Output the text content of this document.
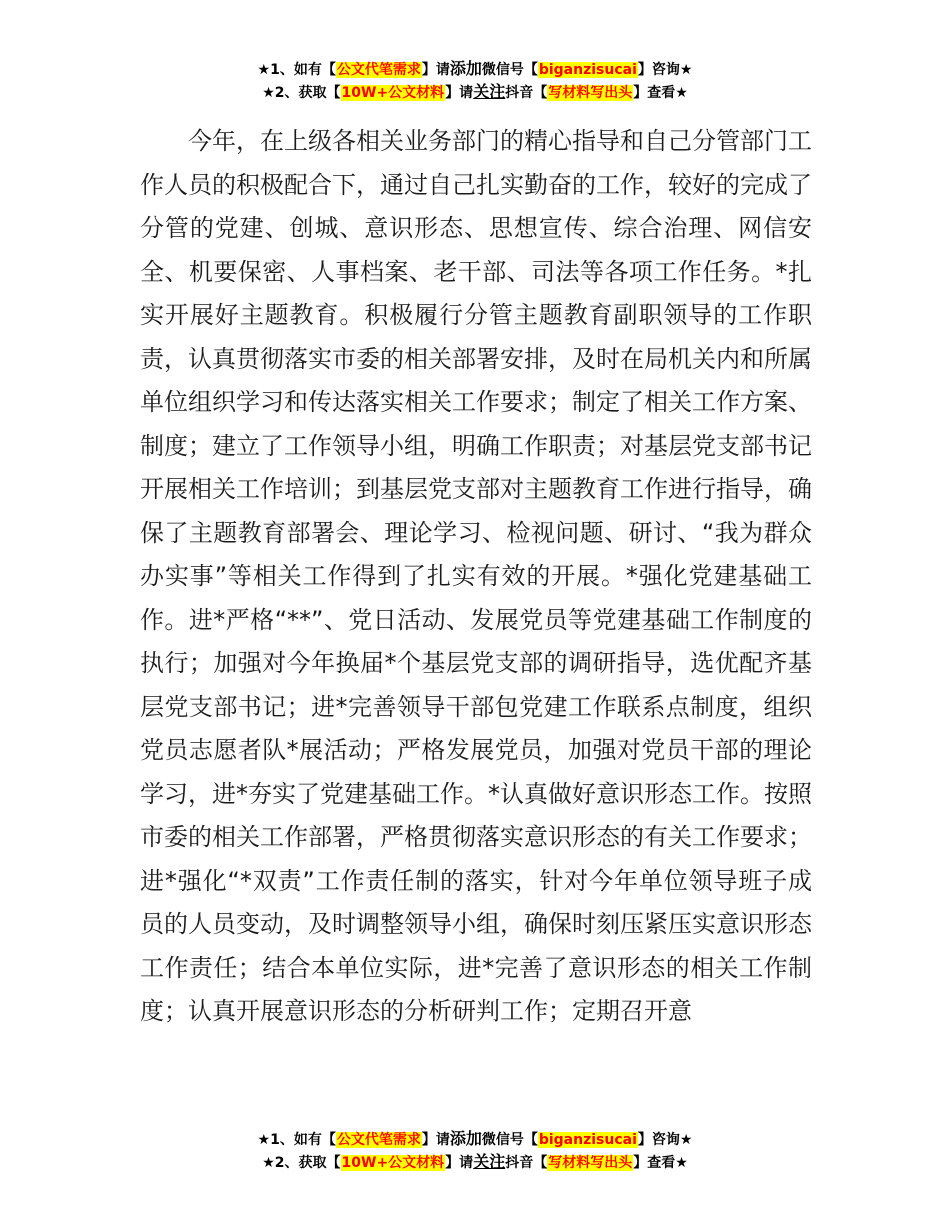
★1、如有【公文代笔需求】请添加微信号【biganzisucai】咨询★
★2、获取【10W+公文材料】请关注抖音【写材料写出头】查看★

今年，在上级各相关业务部门的精心指导和自己分管部门工作人员的积极配合下，通过自己扎实勤奋的工作，较好的完成了分管的党建、创城、意识形态、思想宣传、综合治理、网信安全、机要保密、人事档案、老干部、司法等各项工作任务。*扎实开展好主题教育。积极履行分管主题教育副职领导的工作职责，认真贯彻落实市委的相关部署安排，及时在局机关内和所属单位组织学习和传达落实相关工作要求；制定了相关工作方案、制度；建立了工作领导小组，明确工作职责；对基层党支部书记开展相关工作培训；到基层党支部对主题教育工作进行指导，确保了主题教育部署会、理论学习、检视问题、研讨、“我为群众办实事”等相关工作得到了扎实有效的开展。*强化党建基础工作。进*严格“**”、党日活动、发展党员等党建基础工作制度的执行；加强对今年换届*个基层党支部的调研指导，选优配齐基层党支部书记；进*完善领导干部包党建工作联系点制度，组织党员志愿者队*展活动；严格发展党员，加强对党员干部的理论学习，进*夯实了党建基础工作。*认真做好意识形态工作。按照市委的相关工作部署，严格贯彻落实意识形态的有关工作要求；进*强化“*双责”工作责任制的落实，针对今年单位领导班子成员的人员变动，及时调整领导小组，确保时刻压紧压实意识形态工作责任；结合本单位实际，进*完善了意识形态的相关工作制度；认真开展意识形态的分析研判工作；定期召开意

★1、如有【公文代笔需求】请添加微信号【biganzisucai】咨询★
★2、获取【10W+公文材料】请关注抖音【写材料写出头】查看★
